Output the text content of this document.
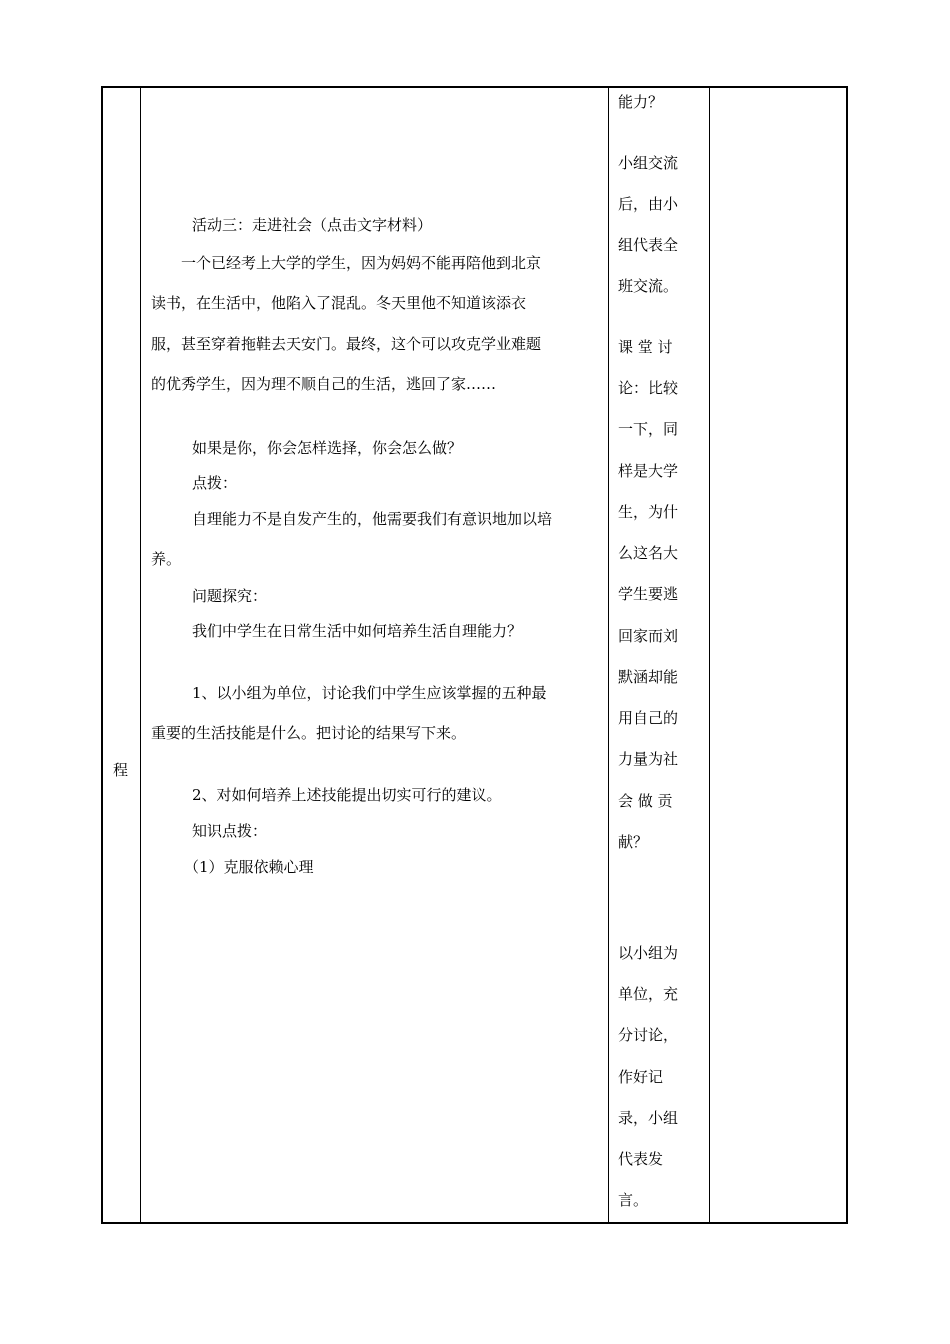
程

活动三：走进社会（点击文字材料）

一个已经考上大学的学生，因为妈妈不能再陪他到北京

读书，在生活中，他陷入了混乱。冬天里他不知道该添衣

服，甚至穿着拖鞋去天安门。最终，这个可以攻克学业难题

的优秀学生，因为理不顺自己的生活，逃回了家……

如果是你，你会怎样选择，你会怎么做？

点拨：

自理能力不是自发产生的，他需要我们有意识地加以培

养。

问题探究：

我们中学生在日常生活中如何培养生活自理能力？

1、以小组为单位，讨论我们中学生应该掌握的五种最

重要的生活技能是什么。把讨论的结果写下来。

2、对如何培养上述技能提出切实可行的建议。

知识点拨：

（1）克服依赖心理

能力？

小组交流

后，由小

组代表全

班交流。

课 堂 讨

论：比较

一下，同

样是大学

生，为什

么这名大

学生要逃

回家而刘

默涵却能

用自己的

力量为社

会 做 贡

献？

以小组为

单位，充

分讨论，

作好记

录，小组

代表发

言。
